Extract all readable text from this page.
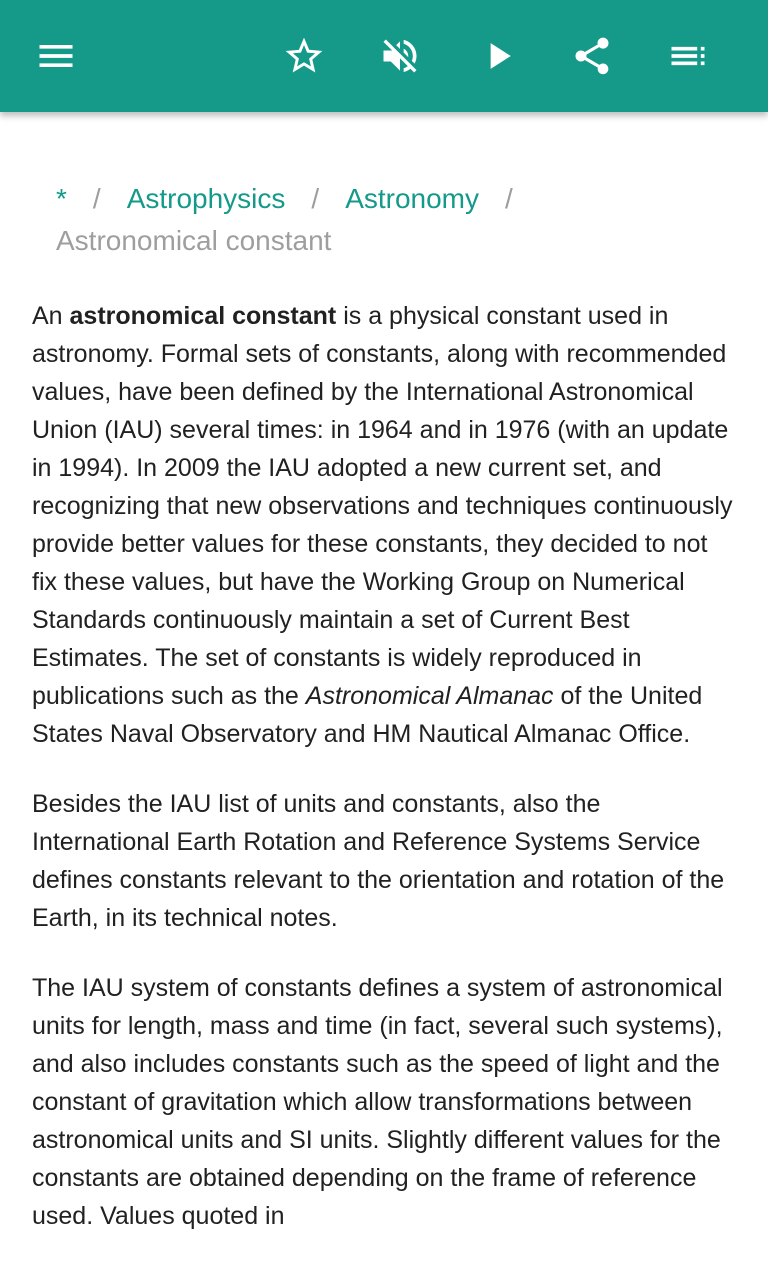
* / Astrophysics / Astronomy /
Astronomical constant

An astronomical constant is a physical constant used in astronomy. Formal sets of constants, along with recommended values, have been defined by the International Astronomical Union (IAU) several times: in 1964 and in 1976 (with an update in 1994). In 2009 the IAU adopted a new current set, and recognizing that new observations and techniques continuously provide better values for these constants, they decided to not fix these values, but have the Working Group on Numerical Standards continuously maintain a set of Current Best Estimates. The set of constants is widely reproduced in publications such as the Astronomical Almanac of the United States Naval Observatory and HM Nautical Almanac Office.

Besides the IAU list of units and constants, also the International Earth Rotation and Reference Systems Service defines constants relevant to the orientation and rotation of the Earth, in its technical notes.

The IAU system of constants defines a system of astronomical units for length, mass and time (in fact, several such systems), and also includes constants such as the speed of light and the constant of gravitation which allow transformations between astronomical units and SI units. Slightly different values for the constants are obtained depending on the frame of reference used. Values quoted in
